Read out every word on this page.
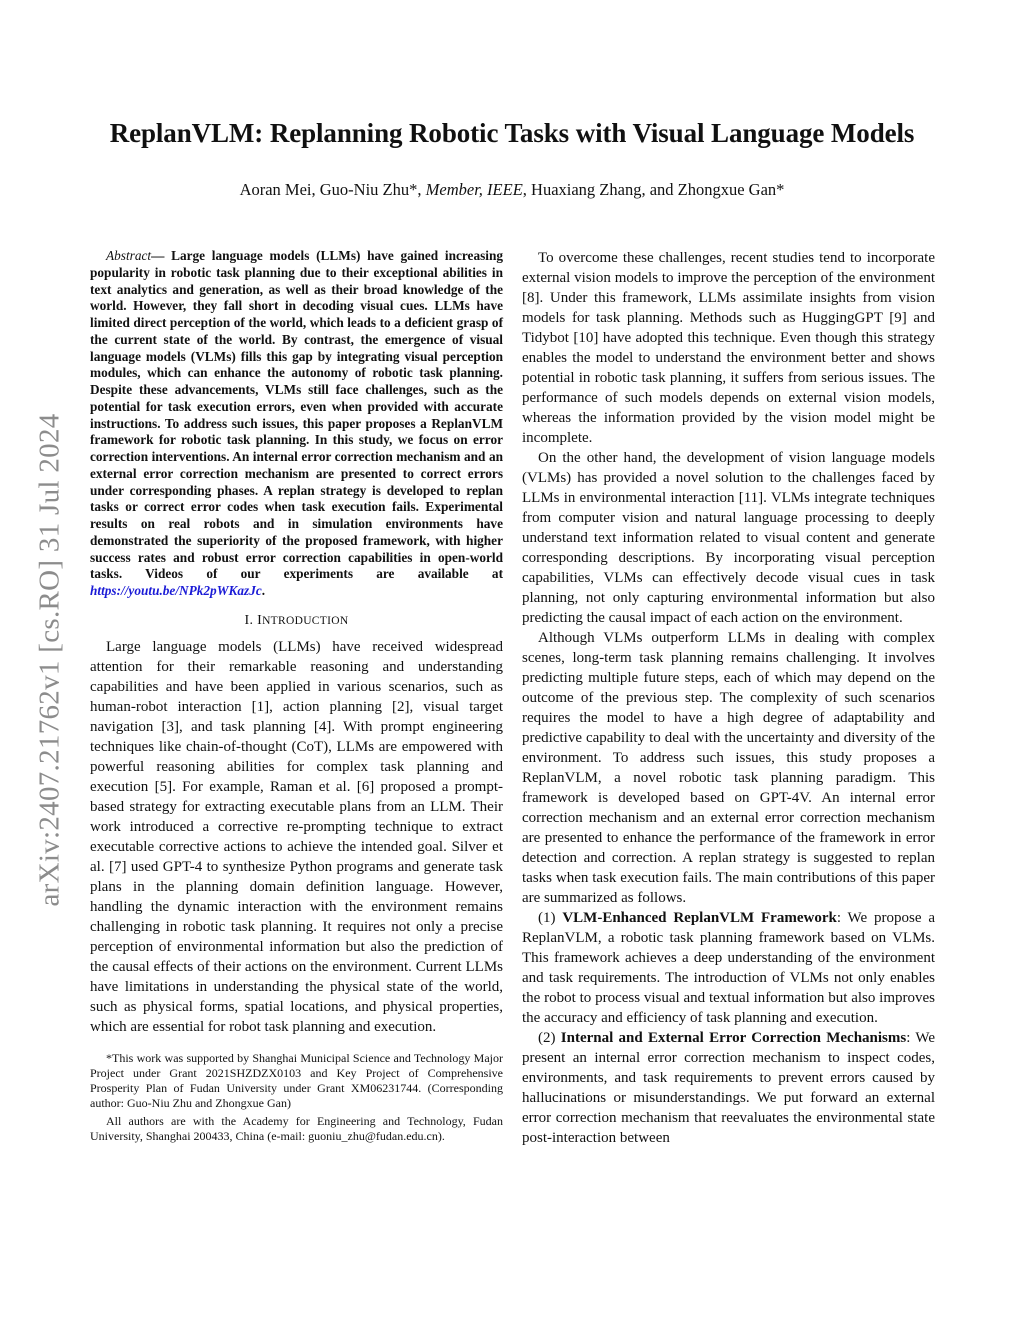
arXiv:2407.21762v1 [cs.RO] 31 Jul 2024
ReplanVLM: Replanning Robotic Tasks with Visual Language Models
Aoran Mei, Guo-Niu Zhu*, Member, IEEE, Huaxiang Zhang, and Zhongxue Gan*

Abstract— Large language models (LLMs) have gained increasing popularity in robotic task planning due to their exceptional abilities in text analytics and generation, as well as their broad knowledge of the world. However, they fall short in decoding visual cues. LLMs have limited direct perception of the world, which leads to a deficient grasp of the current state of the world. By contrast, the emergence of visual language models (VLMs) fills this gap by integrating visual perception modules, which can enhance the autonomy of robotic task planning. Despite these advancements, VLMs still face challenges, such as the potential for task execution errors, even when provided with accurate instructions. To address such issues, this paper proposes a ReplanVLM framework for robotic task planning. In this study, we focus on error correction interventions. An internal error correction mechanism and an external error correction mechanism are presented to correct errors under corresponding phases. A replan strategy is developed to replan tasks or correct error codes when task execution fails. Experimental results on real robots and in simulation environments have demonstrated the superiority of the proposed framework, with higher success rates and robust error correction capabilities in open-world tasks. Videos of our experiments are available at https://youtu.be/NPk2pWKazJc.

I. INTRODUCTION

Large language models (LLMs) have received widespread attention for their remarkable reasoning and understanding capabilities and have been applied in various scenarios, such as human-robot interaction [1], action planning [2], visual target navigation [3], and task planning [4]. With prompt engineering techniques like chain-of-thought (CoT), LLMs are empowered with powerful reasoning abilities for complex task planning and execution [5]. For example, Raman et al. [6] proposed a prompt-based strategy for extracting executable plans from an LLM. Their work introduced a corrective re-prompting technique to extract executable corrective actions to achieve the intended goal. Silver et al. [7] used GPT-4 to synthesize Python programs and generate task plans in the planning domain definition language. However, handling the dynamic interaction with the environment remains challenging in robotic task planning. It requires not only a precise perception of environmental information but also the prediction of the causal effects of their actions on the environment. Current LLMs have limitations in understanding the physical state of the world, such as physical forms, spatial locations, and physical properties, which are essential for robot task planning and execution.

*This work was supported by Shanghai Municipal Science and Technology Major Project under Grant 2021SHZDZX0103 and Key Project of Comprehensive Prosperity Plan of Fudan University under Grant XM06231744. (Corresponding author: Guo-Niu Zhu and Zhongxue Gan)

All authors are with the Academy for Engineering and Technology, Fudan University, Shanghai 200433, China (e-mail: guoniu_zhu@fudan.edu.cn).

To overcome these challenges, recent studies tend to incorporate external vision models to improve the perception of the environment [8]. Under this framework, LLMs assimilate insights from vision models for task planning. Methods such as HuggingGPT [9] and Tidybot [10] have adopted this technique. Even though this strategy enables the model to understand the environment better and shows potential in robotic task planning, it suffers from serious issues. The performance of such models depends on external vision models, whereas the information provided by the vision model might be incomplete.

On the other hand, the development of vision language models (VLMs) has provided a novel solution to the challenges faced by LLMs in environmental interaction [11]. VLMs integrate techniques from computer vision and natural language processing to deeply understand text information related to visual content and generate corresponding descriptions. By incorporating visual perception capabilities, VLMs can effectively decode visual cues in task planning, not only capturing environmental information but also predicting the causal impact of each action on the environment.

Although VLMs outperform LLMs in dealing with complex scenes, long-term task planning remains challenging. It involves predicting multiple future steps, each of which may depend on the outcome of the previous step. The complexity of such scenarios requires the model to have a high degree of adaptability and predictive capability to deal with the uncertainty and diversity of the environment. To address such issues, this study proposes a ReplanVLM, a novel robotic task planning paradigm. This framework is developed based on GPT-4V. An internal error correction mechanism and an external error correction mechanism are presented to enhance the performance of the framework in error detection and correction. A replan strategy is suggested to replan tasks when task execution fails. The main contributions of this paper are summarized as follows.

(1) VLM-Enhanced ReplanVLM Framework: We propose a ReplanVLM, a robotic task planning framework based on VLMs. This framework achieves a deep understanding of the environment and task requirements. The introduction of VLMs not only enables the robot to process visual and textual information but also improves the accuracy and efficiency of task planning and execution.

(2) Internal and External Error Correction Mechanisms: We present an internal error correction mechanism to inspect codes, environments, and task requirements to prevent errors caused by hallucinations or misunderstandings. We put forward an external error correction mechanism that reevaluates the environmental state post-interaction between
